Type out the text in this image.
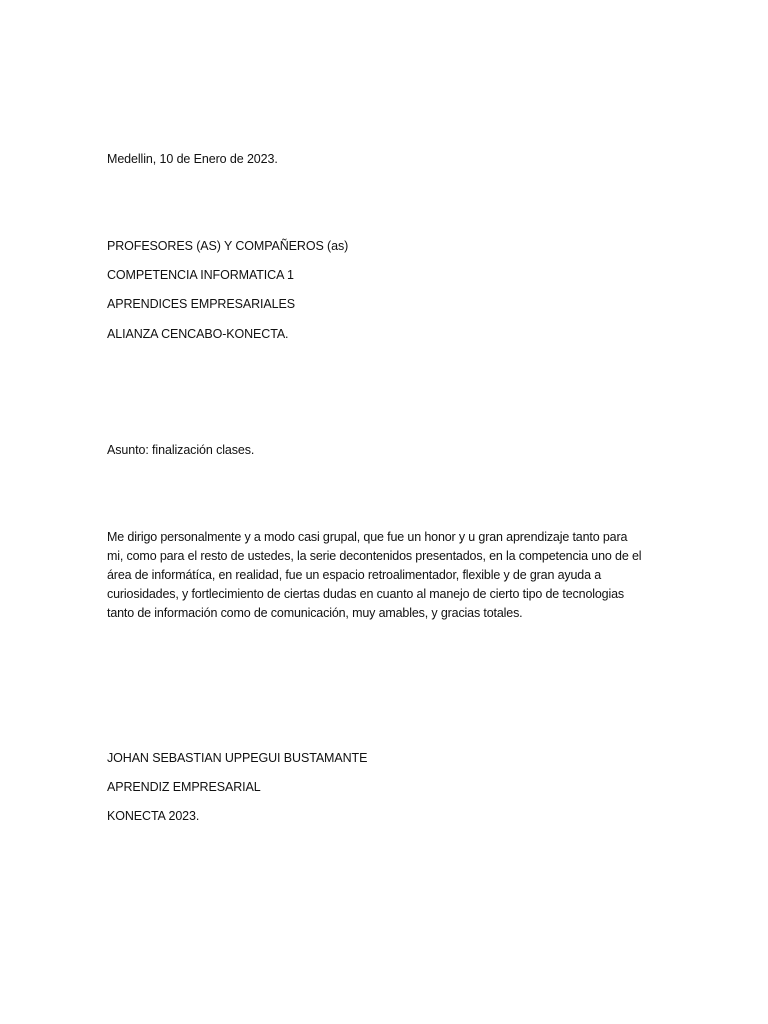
Medellin, 10 de Enero de 2023.
PROFESORES (AS) Y COMPAÑEROS (as)
COMPETENCIA INFORMATICA 1
APRENDICES EMPRESARIALES
ALIANZA CENCABO-KONECTA.
Asunto: finalización clases.
Me dirigo personalmente y a modo casi grupal, que fue un honor y u gran aprendizaje tanto para
mi, como para el resto de ustedes, la serie decontenidos presentados, en la competencia uno de el
área de informátíca, en realidad, fue un espacio retroalimentador, flexible y de gran ayuda a
curiosidades, y fortlecimiento de ciertas dudas en cuanto al manejo de cierto tipo de tecnologias
tanto de información como de comunicación, muy amables, y gracias totales.
JOHAN SEBASTIAN UPPEGUI BUSTAMANTE
APRENDIZ EMPRESARIAL
KONECTA 2023.
